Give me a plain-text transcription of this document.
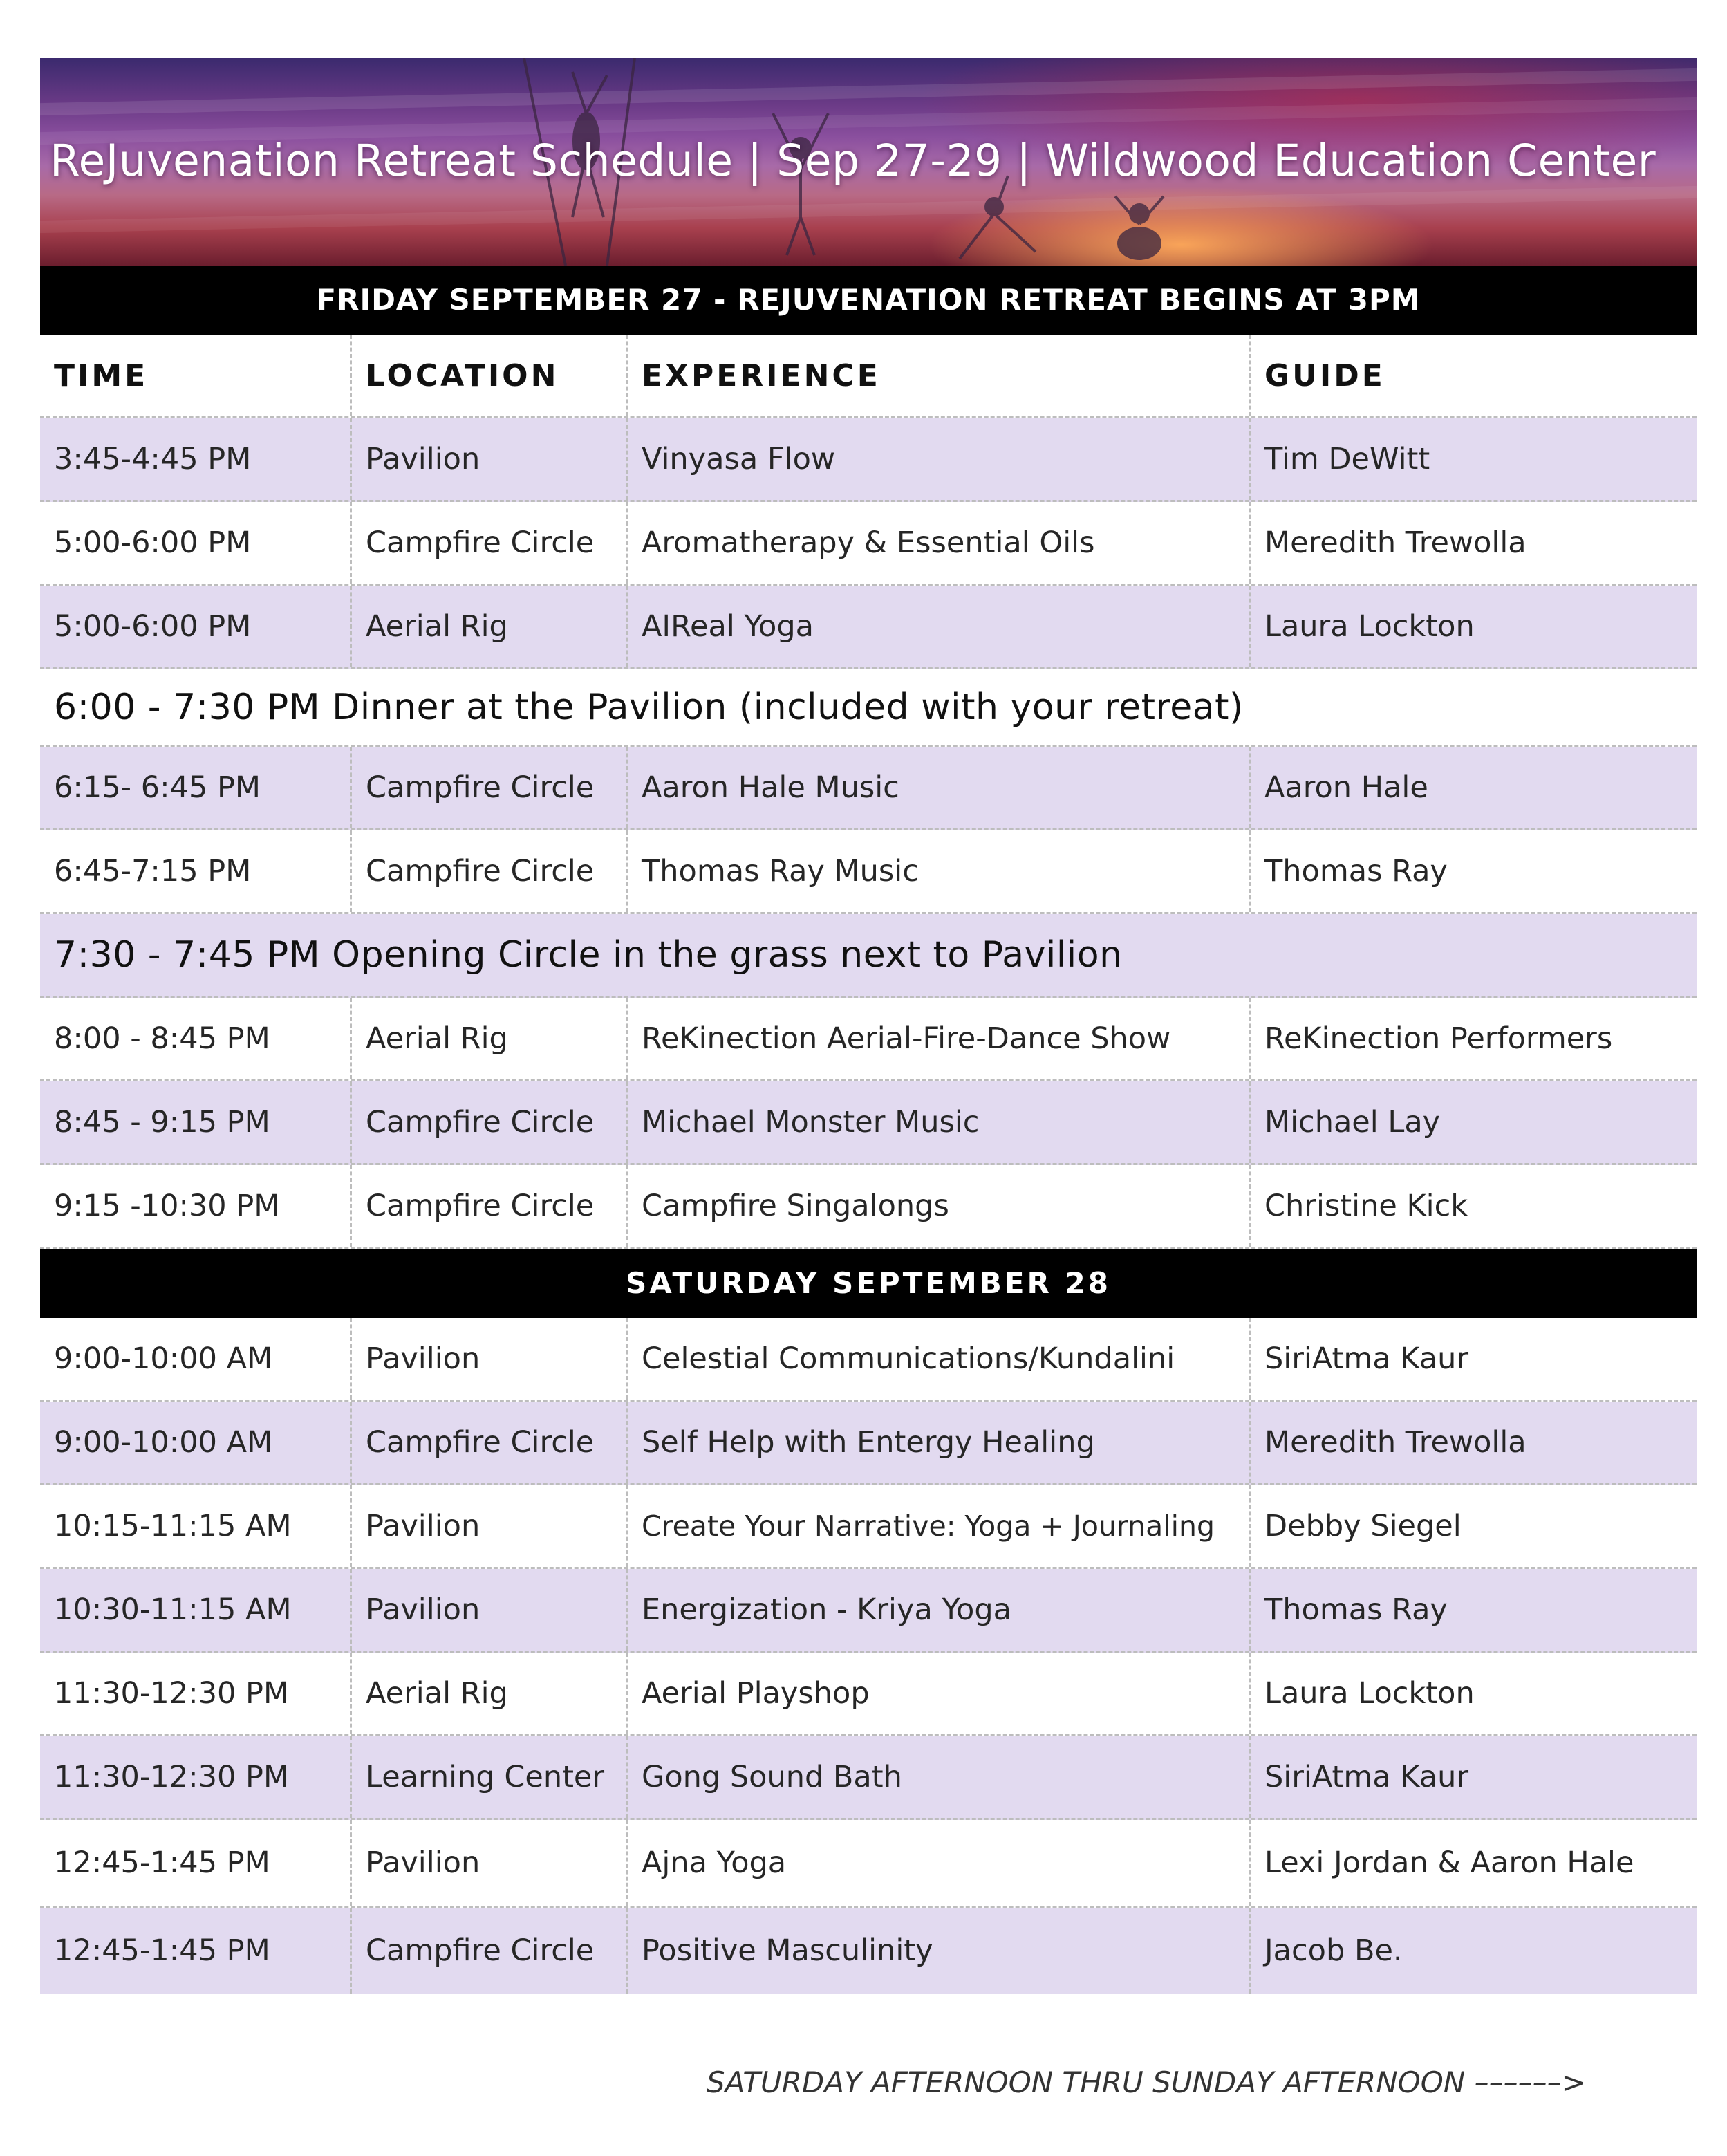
ReJuvenation Retreat Schedule | Sep 27-29 | Wildwood Education Center
FRIDAY SEPTEMBER 27 - REJUVENATION RETREAT BEGINS AT 3PM
TIME	LOCATION	EXPERIENCE	GUIDE
3:45-4:45 PM	Pavilion	Vinyasa Flow	Tim DeWitt
5:00-6:00 PM	Campfire Circle	Aromatherapy & Essential Oils	Meredith Trewolla
5:00-6:00 PM	Aerial Rig	AIReal Yoga	Laura Lockton
6:00 - 7:30 PM Dinner at the Pavilion (included with your retreat)
6:15- 6:45 PM	Campfire Circle	Aaron Hale Music	Aaron Hale
6:45-7:15 PM	Campfire Circle	Thomas Ray Music	Thomas Ray
7:30 - 7:45 PM Opening Circle in the grass next to Pavilion
8:00 - 8:45 PM	Aerial Rig	ReKinection Aerial-Fire-Dance Show	ReKinection Performers
8:45 - 9:15 PM	Campfire Circle	Michael Monster Music	Michael Lay
9:15 -10:30 PM	Campfire Circle	Campfire Singalongs	Christine Kick
SATURDAY SEPTEMBER 28
9:00-10:00 AM	Pavilion	Celestial Communications/Kundalini	SiriAtma Kaur
9:00-10:00 AM	Campfire Circle	Self Help with Entergy Healing	Meredith Trewolla
10:15-11:15 AM	Pavilion	Create Your Narrative: Yoga + Journaling	Debby Siegel
10:30-11:15 AM	Pavilion	Energization - Kriya Yoga	Thomas Ray
11:30-12:30 PM	Aerial Rig	Aerial Playshop	Laura Lockton
11:30-12:30 PM	Learning Center	Gong Sound Bath	SiriAtma Kaur
12:45-1:45 PM	Pavilion	Ajna Yoga	Lexi Jordan & Aaron Hale
12:45-1:45 PM	Campfire Circle	Positive Masculinity	Jacob Be.
SATURDAY AFTERNOON THRU SUNDAY AFTERNOON ––––––>
